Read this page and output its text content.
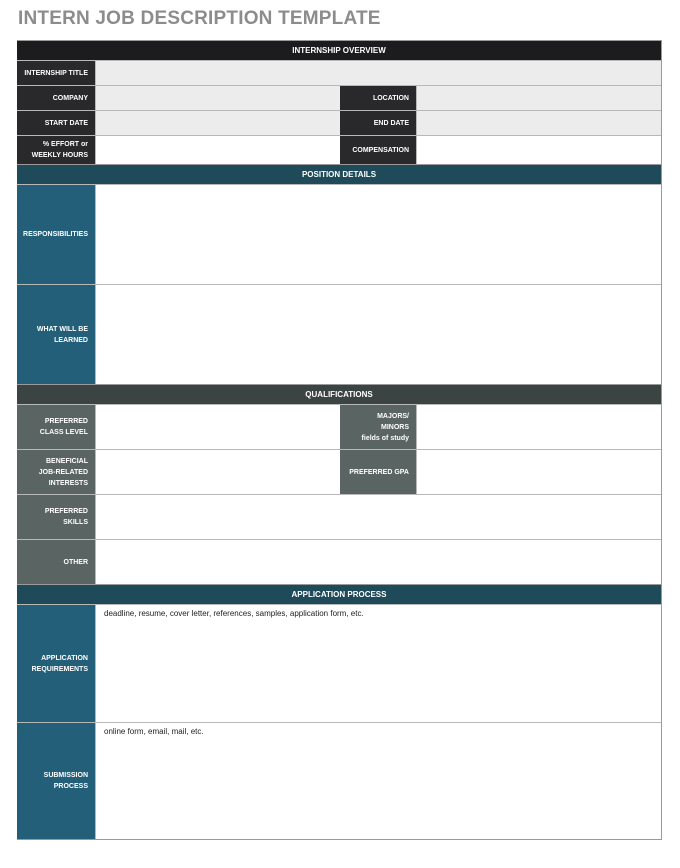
INTERN JOB DESCRIPTION TEMPLATE
INTERNSHIP OVERVIEW
INTERNSHIP TITLE
COMPANY	LOCATION
START DATE	END DATE
% EFFORT or
WEEKLY HOURS
COMPENSATION
POSITION DETAILS
RESPONSIBILITIES
WHAT WILL BE
LEARNED
QUALIFICATIONS
PREFERRED
CLASS LEVEL
MAJORS/
MINORS
fields of study
BENEFICIAL
JOB-RELATED
INTERESTS
PREFERRED GPA
PREFERRED
SKILLS
OTHER
APPLICATION PROCESS
APPLICATION
REQUIREMENTS
deadline, resume, cover letter, references, samples, application form, etc.
SUBMISSION
PROCESS
online form, email, mail, etc.
